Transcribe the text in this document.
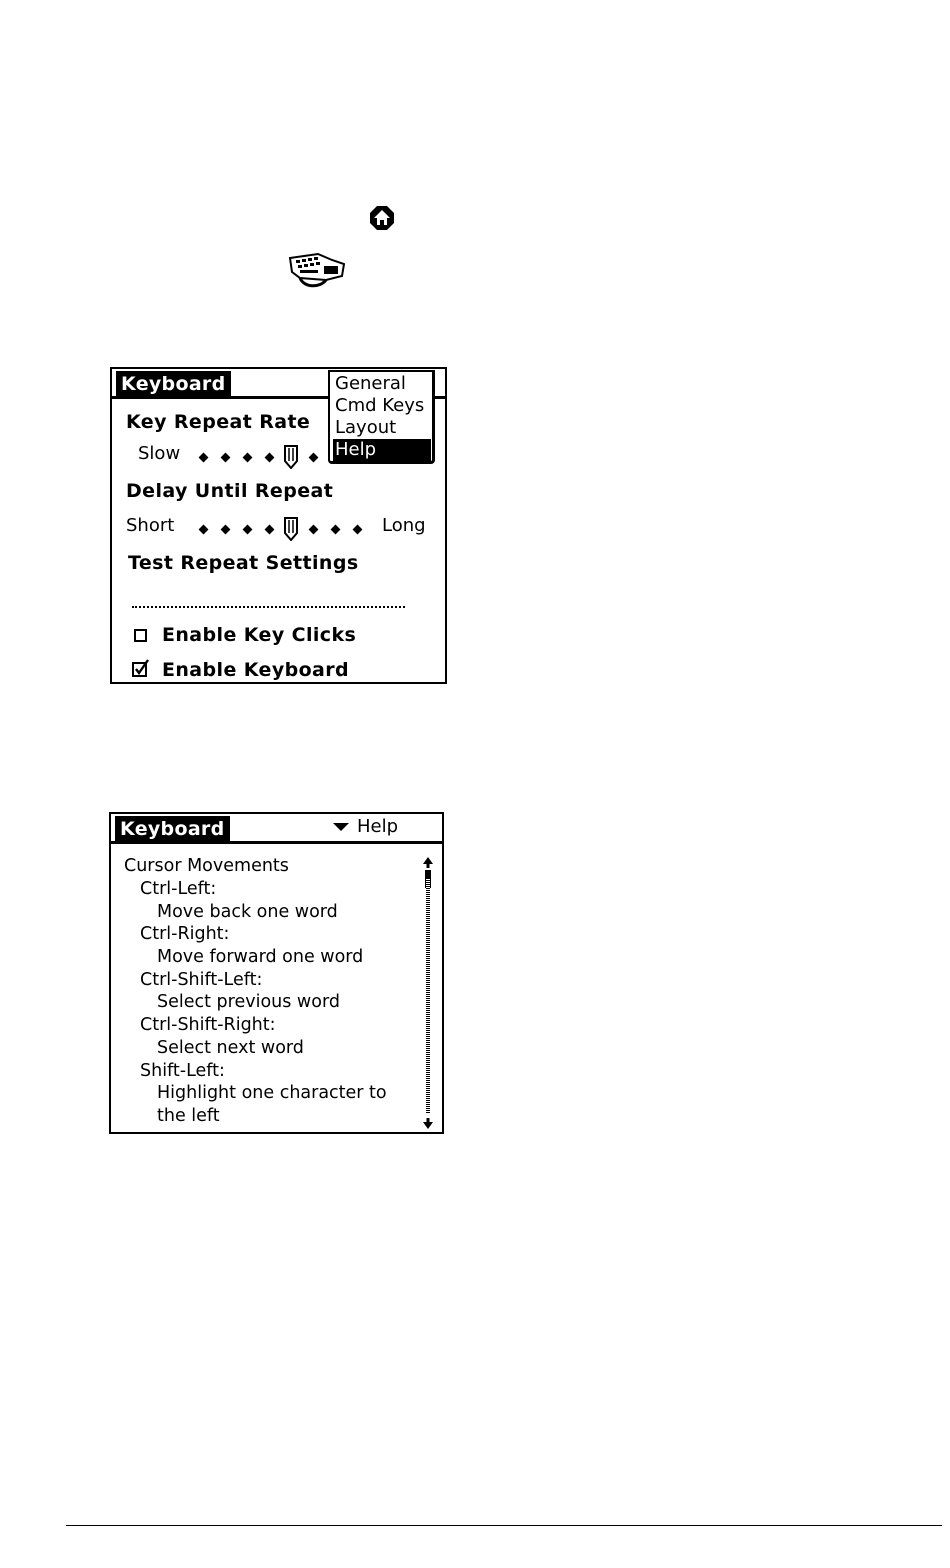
Keyboard
Key Repeat Rate
Slow
Delay Until Repeat
Short	Long
Test Repeat Settings
Enable Key Clicks
Enable Keyboard
General
Cmd Keys
Layout
Help
Keyboard	Help
Cursor Movements
Ctrl-Left:
Move back one word
Ctrl-Right:
Move forward one word
Ctrl-Shift-Left:
Select previous word
Ctrl-Shift-Right:
Select next word
Shift-Left:
Highlight one character to
the left
